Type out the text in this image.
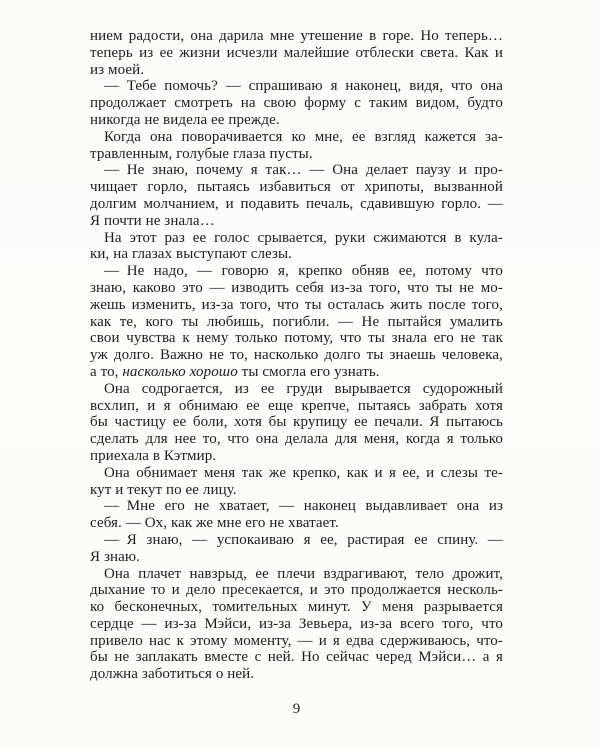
нием радости, она дарила мне утешение в горе. Но теперь…
теперь из ее жизни исчезли малейшие отблески света. Как и
из моей.
— Тебе помочь? — спрашиваю я наконец, видя, что она
продолжает смотреть на свою форму с таким видом, будто
никогда не видела ее прежде.
Когда она поворачивается ко мне, ее взгляд кажется за-
травленным, голубые глаза пусты.
— Не знаю, почему я так… — Она делает паузу и про-
чищает горло, пытаясь избавиться от хрипоты, вызванной
долгим молчанием, и подавить печаль, сдавившую горло. —
Я почти не знала…
На этот раз ее голос срывается, руки сжимаются в кула-
ки, на глазах выступают слезы.
— Не надо, — говорю я, крепко обняв ее, потому что
знаю, каково это — изводить себя из-за того, что ты не мо-
жешь изменить, из-за того, что ты осталась жить после того,
как те, кого ты любишь, погибли. — Не пытайся умалить
свои чувства к нему только потому, что ты знала его не так
уж долго. Важно не то, насколько долго ты знаешь человека,
а то, насколько хорошо ты смогла его узнать.
Она содрогается, из ее груди вырывается судорожный
всхлип, и я обнимаю ее еще крепче, пытаясь забрать хотя
бы частицу ее боли, хотя бы крупицу ее печали. Я пытаюсь
сделать для нее то, что она делала для меня, когда я только
приехала в Кэтмир.
Она обнимает меня так же крепко, как и я ее, и слезы те-
кут и текут по ее лицу.
— Мне его не хватает, — наконец выдавливает она из
себя. — Ох, как же мне его не хватает.
— Я знаю, — успокаиваю я ее, растирая ее спину. —
Я знаю.
Она плачет навзрыд, ее плечи вздрагивают, тело дрожит,
дыхание то и дело пресекается, и это продолжается несколь-
ко бесконечных, томительных минут. У меня разрывается
сердце — из-за Мэйси, из-за Зевьера, из-за всего того, что
привело нас к этому моменту, — и я едва сдерживаюсь, что-
бы не заплакать вместе с ней. Но сейчас черед Мэйси… а я
должна заботиться о ней.
9
